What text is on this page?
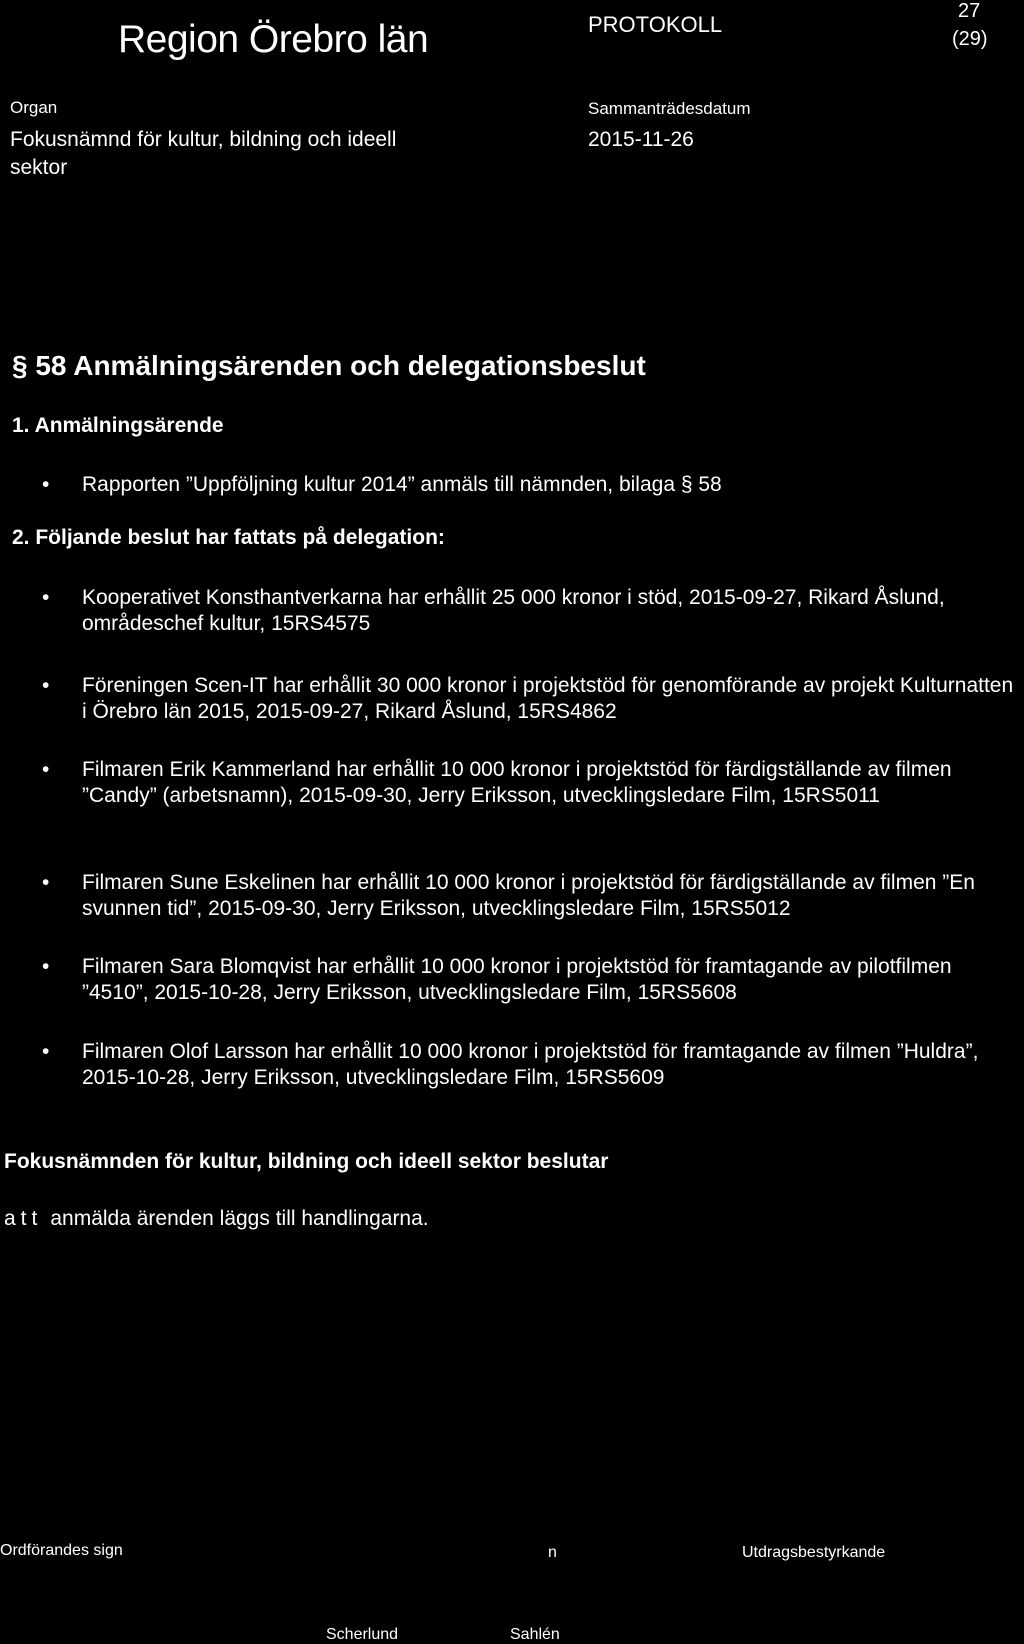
Region Örebro län	PROTOKOLL
27
(29)
Organ
Fokusnämnd för kultur, bildning och ideell sektor
Sammanträdesdatum
2015-11-26
§ 58 Anmälningsärenden och delegationsbeslut
1. Anmälningsärende
• Rapporten ”Uppföljning kultur 2014” anmäls till nämnden, bilaga § 58
2. Följande beslut har fattats på delegation:
• Kooperativet Konsthantverkarna har erhållit 25 000 kronor i stöd, 2015-09-27, Rikard Åslund, områdeschef kultur, 15RS4575
• Föreningen Scen-IT har erhållit 30 000 kronor i projektstöd för genomförande av projekt Kulturnatten i Örebro län 2015, 2015-09-27, Rikard Åslund, 15RS4862
• Filmaren Erik Kammerland har erhållit 10 000 kronor i projektstöd för färdigställande av filmen ”Candy” (arbetsnamn), 2015-09-30, Jerry Eriksson, utvecklingsledare Film, 15RS5011
• Filmaren Sune Eskelinen har erhållit 10 000 kronor i projektstöd för färdigställande av filmen ”En svunnen tid”, 2015-09-30, Jerry Eriksson, utvecklingsledare Film, 15RS5012
• Filmaren Sara Blomqvist har erhållit 10 000 kronor i projektstöd för framtagande av pilotfilmen ”4510”, 2015-10-28, Jerry Eriksson, utvecklingsledare Film, 15RS5608
• Filmaren Olof Larsson har erhållit 10 000 kronor i projektstöd för framtagande av filmen ”Huldra”, 2015-10-28, Jerry Eriksson, utvecklingsledare Film, 15RS5609
Fokusnämnden för kultur, bildning och ideell sektor beslutar
att anmälda ärenden läggs till handlingarna.
Ordförandes sign	n	Utdragsbestyrkande
Scherlund	Sahlén
